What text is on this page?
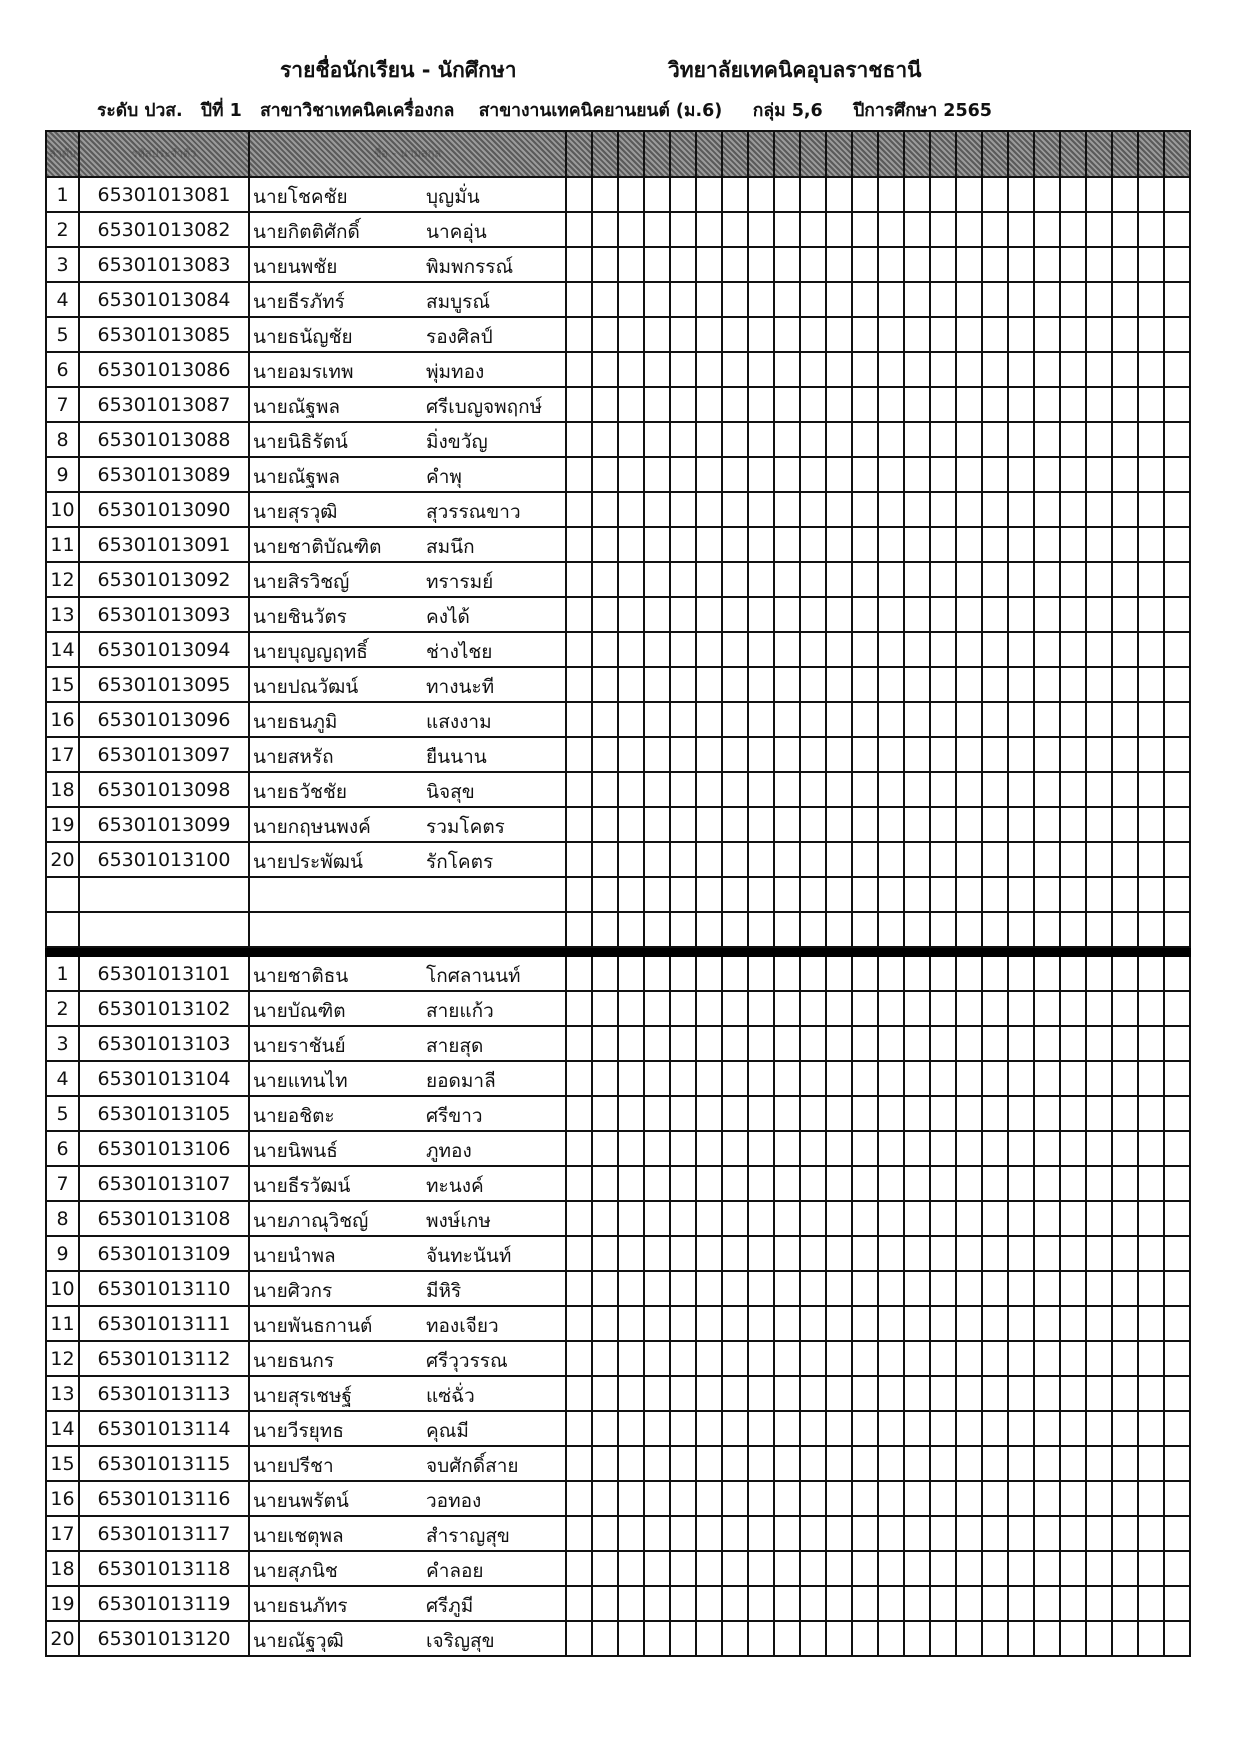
รายชื่อนักเรียน - นักศึกษา	วิทยาลัยเทคนิคอุบลราชธานี
ระดับ ปวส. ปีที่ 1 สาขาวิชาเทคนิคเครื่องกล สาขางานเทคนิคยานยนต์ (ม.6) กลุ่ม 5,6 ปีการศึกษา 2565
ลำดับ	รหัสประจำตัว	ชื่อ - นามสกุล																								
1	65301013081	นายโชคชัย บุญมั่น																								

2	65301013082	นายกิตติศักดิ์ นาคอุ่น																								

3	65301013083	นายนพชัย พิมพกรรณ์																								

4	65301013084	นายธีรภัทร์ สมบูรณ์																								

5	65301013085	นายธนัญชัย รองศิลป์																								

6	65301013086	นายอมรเทพ พุ่มทอง																								

7	65301013087	นายณัฐพล ศรีเบญจพฤกษ์																								

8	65301013088	นายนิธิรัตน์ มิ่งขวัญ																								

9	65301013089	นายณัฐพล คำพุ																								

10	65301013090	นายสุรวุฒิ สุวรรณขาว																								

11	65301013091	นายชาติบัณฑิต สมนึก																								

12	65301013092	นายสิรวิชญ์ ทรารมย์																								

13	65301013093	นายชินวัตร คงได้																								

14	65301013094	นายบุญญฤทธิ์ ช่างไชย																								

15	65301013095	นายปณวัฒน์ ทางนะที																								

16	65301013096	นายธนภูมิ แสงงาม																								

17	65301013097	นายสหรัถ ยืนนาน																								

18	65301013098	นายธวัชชัย นิจสุข																								

19	65301013099	นายกฤษนพงค์ รวมโคตร																								

20	65301013100	นายประพัฒน์ รักโคตร																								

1	65301013101	นายชาติธน โกศลานนท์																								

2	65301013102	นายบัณฑิต สายแก้ว																								

3	65301013103	นายราชันย์ สายสุด																								

4	65301013104	นายแทนไท ยอดมาลี																								

5	65301013105	นายอชิตะ ศรีขาว																								

6	65301013106	นายนิพนธ์ ภูทอง																								

7	65301013107	นายธีรวัฒน์ ทะนงค์																								

8	65301013108	นายภาณุวิชญ์ พงษ์เกษ																								

9	65301013109	นายนำพล จันทะนันท์																								

10	65301013110	นายศิวกร มีหิริ																								

11	65301013111	นายพันธกานต์ ทองเจียว																								

12	65301013112	นายธนกร ศรีวุวรรณ																								

13	65301013113	นายสุรเชษฐ์ แซ่ฉั่ว																								

14	65301013114	นายวีรยุทธ คุณมี																								

15	65301013115	นายปรีชา จบศักดิ์สาย																								

16	65301013116	นายนพรัตน์ วอทอง																								

17	65301013117	นายเชตุพล สำราญสุข																								

18	65301013118	นายสุภนิช คำลอย																								

19	65301013119	นายธนภัทร ศรีภูมี																								

20	65301013120	นายณัฐวุฒิ เจริญสุข																								
